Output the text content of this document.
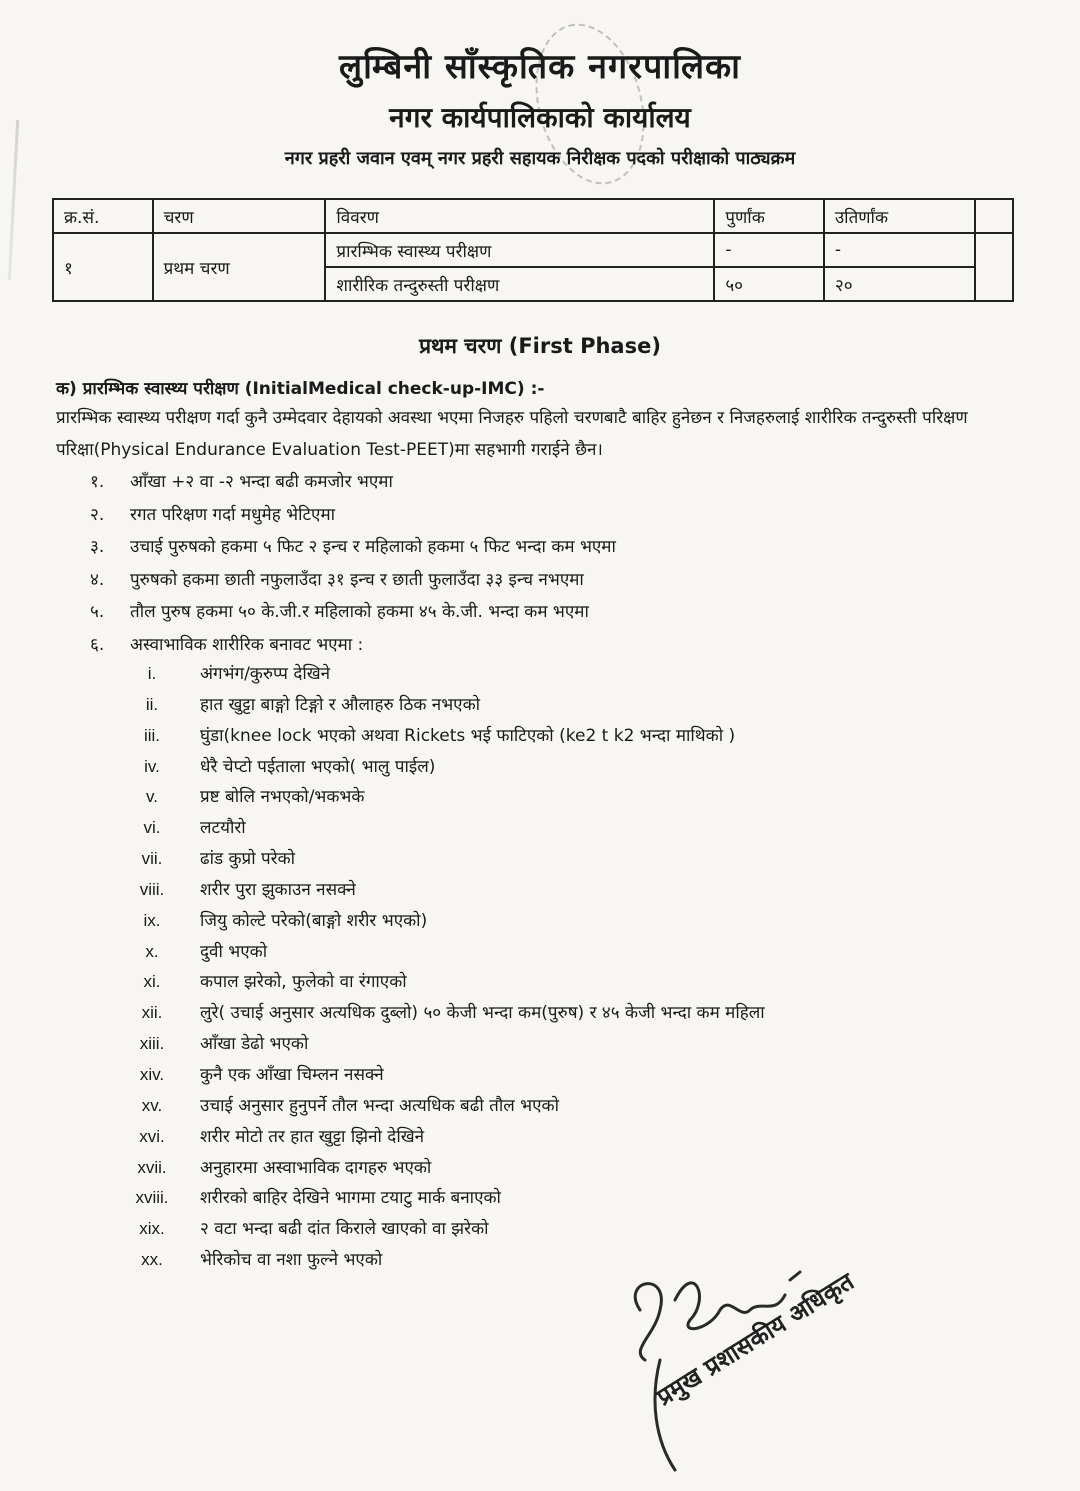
लुम्बिनी साँस्कृतिक नगरपालिका
नगर कार्यपालिकाको कार्यालय
नगर प्रहरी जवान एवम् नगर प्रहरी सहायक निरीक्षक पदको परीक्षाको पाठ्यक्रम
क्र.सं.	चरण	विवरण	पुर्णांक	उतिर्णांक	
१	प्रथम चरण	प्रारम्भिक स्वास्थ्य परीक्षण	-	-	
		शारीरिक तन्दुरुस्ती परीक्षण	५०	२०	
प्रथम चरण (First Phase)
क) प्रारम्भिक स्वास्थ्य परीक्षण (InitialMedical check-up-IMC) :-
प्रारम्भिक स्वास्थ्य परीक्षण गर्दा कुनै उम्मेदवार देहायको अवस्था भएमा निजहरु पहिलो चरणबाटै बाहिर हुनेछन र निजहरुलाई शारीरिक तन्दुरुस्ती परिक्षण परिक्षा(Physical Endurance Evaluation Test-PEET)मा सहभागी गराईने छैन।
१. आँखा +२ वा -२ भन्दा बढी कमजोर भएमा
२. रगत परिक्षण गर्दा मधुमेह भेटिएमा
३. उचाई पुरुषको हकमा ५ फिट २ इन्च र महिलाको हकमा ५ फिट भन्दा कम भएमा
४. पुरुषको हकमा छाती नफुलाउँदा ३१ इन्च र छाती फुलाउँदा ३३ इन्च नभएमा
५. तौल पुरुष हकमा ५० के.जी.र महिलाको हकमा ४५ के.जी. भन्दा कम भएमा
६. अस्वाभाविक शारीरिक बनावट भएमा :
i.	अंगभंग/कुरुप्प देखिने
ii. हात खुट्टा बाङ्गो टिङ्गो र औलाहरु ठिक नभएको
iii. घुंडा(knee lock भएको अथवा Rickets भई फाटिएको (ke2 t k2 भन्दा माथिको )
iv. धेरै चेप्टो पईताला भएको( भालु पाईल)
v. प्रष्ट बोलि नभएको/भकभके
vi. लटयौरो
vii. ढांड कुप्रो परेको
viii. शरीर पुरा झुकाउन नसक्ने
ix. जियु कोल्टे परेको(बाङ्गो शरीर भएको)
x. दुवी भएको
xi. कपाल झरेको, फुलेको वा रंगाएको
xii. लुरे( उचाई अनुसार अत्यधिक दुब्लो) ५० केजी भन्दा कम(पुरुष) र ४५ केजी भन्दा कम महिला
xiii. आँखा डेढो भएको
xiv. कुनै एक आँखा चिम्लन नसक्ने
xv. उचाई अनुसार हुनुपर्ने तौल भन्दा अत्यधिक बढी तौल भएको
xvi. शरीर मोटो तर हात खुट्टा झिनो देखिने
xvii. अनुहारमा अस्वाभाविक दागहरु भएको
xviii. शरीरको बाहिर देखिने भागमा टयाटु मार्क बनाएको
xix. २ वटा भन्दा बढी दांत किराले खाएको वा झरेको
xx. भेरिकोच वा नशा फुल्ने भएको
प्रमुख प्रशासकीय अधिकृत
